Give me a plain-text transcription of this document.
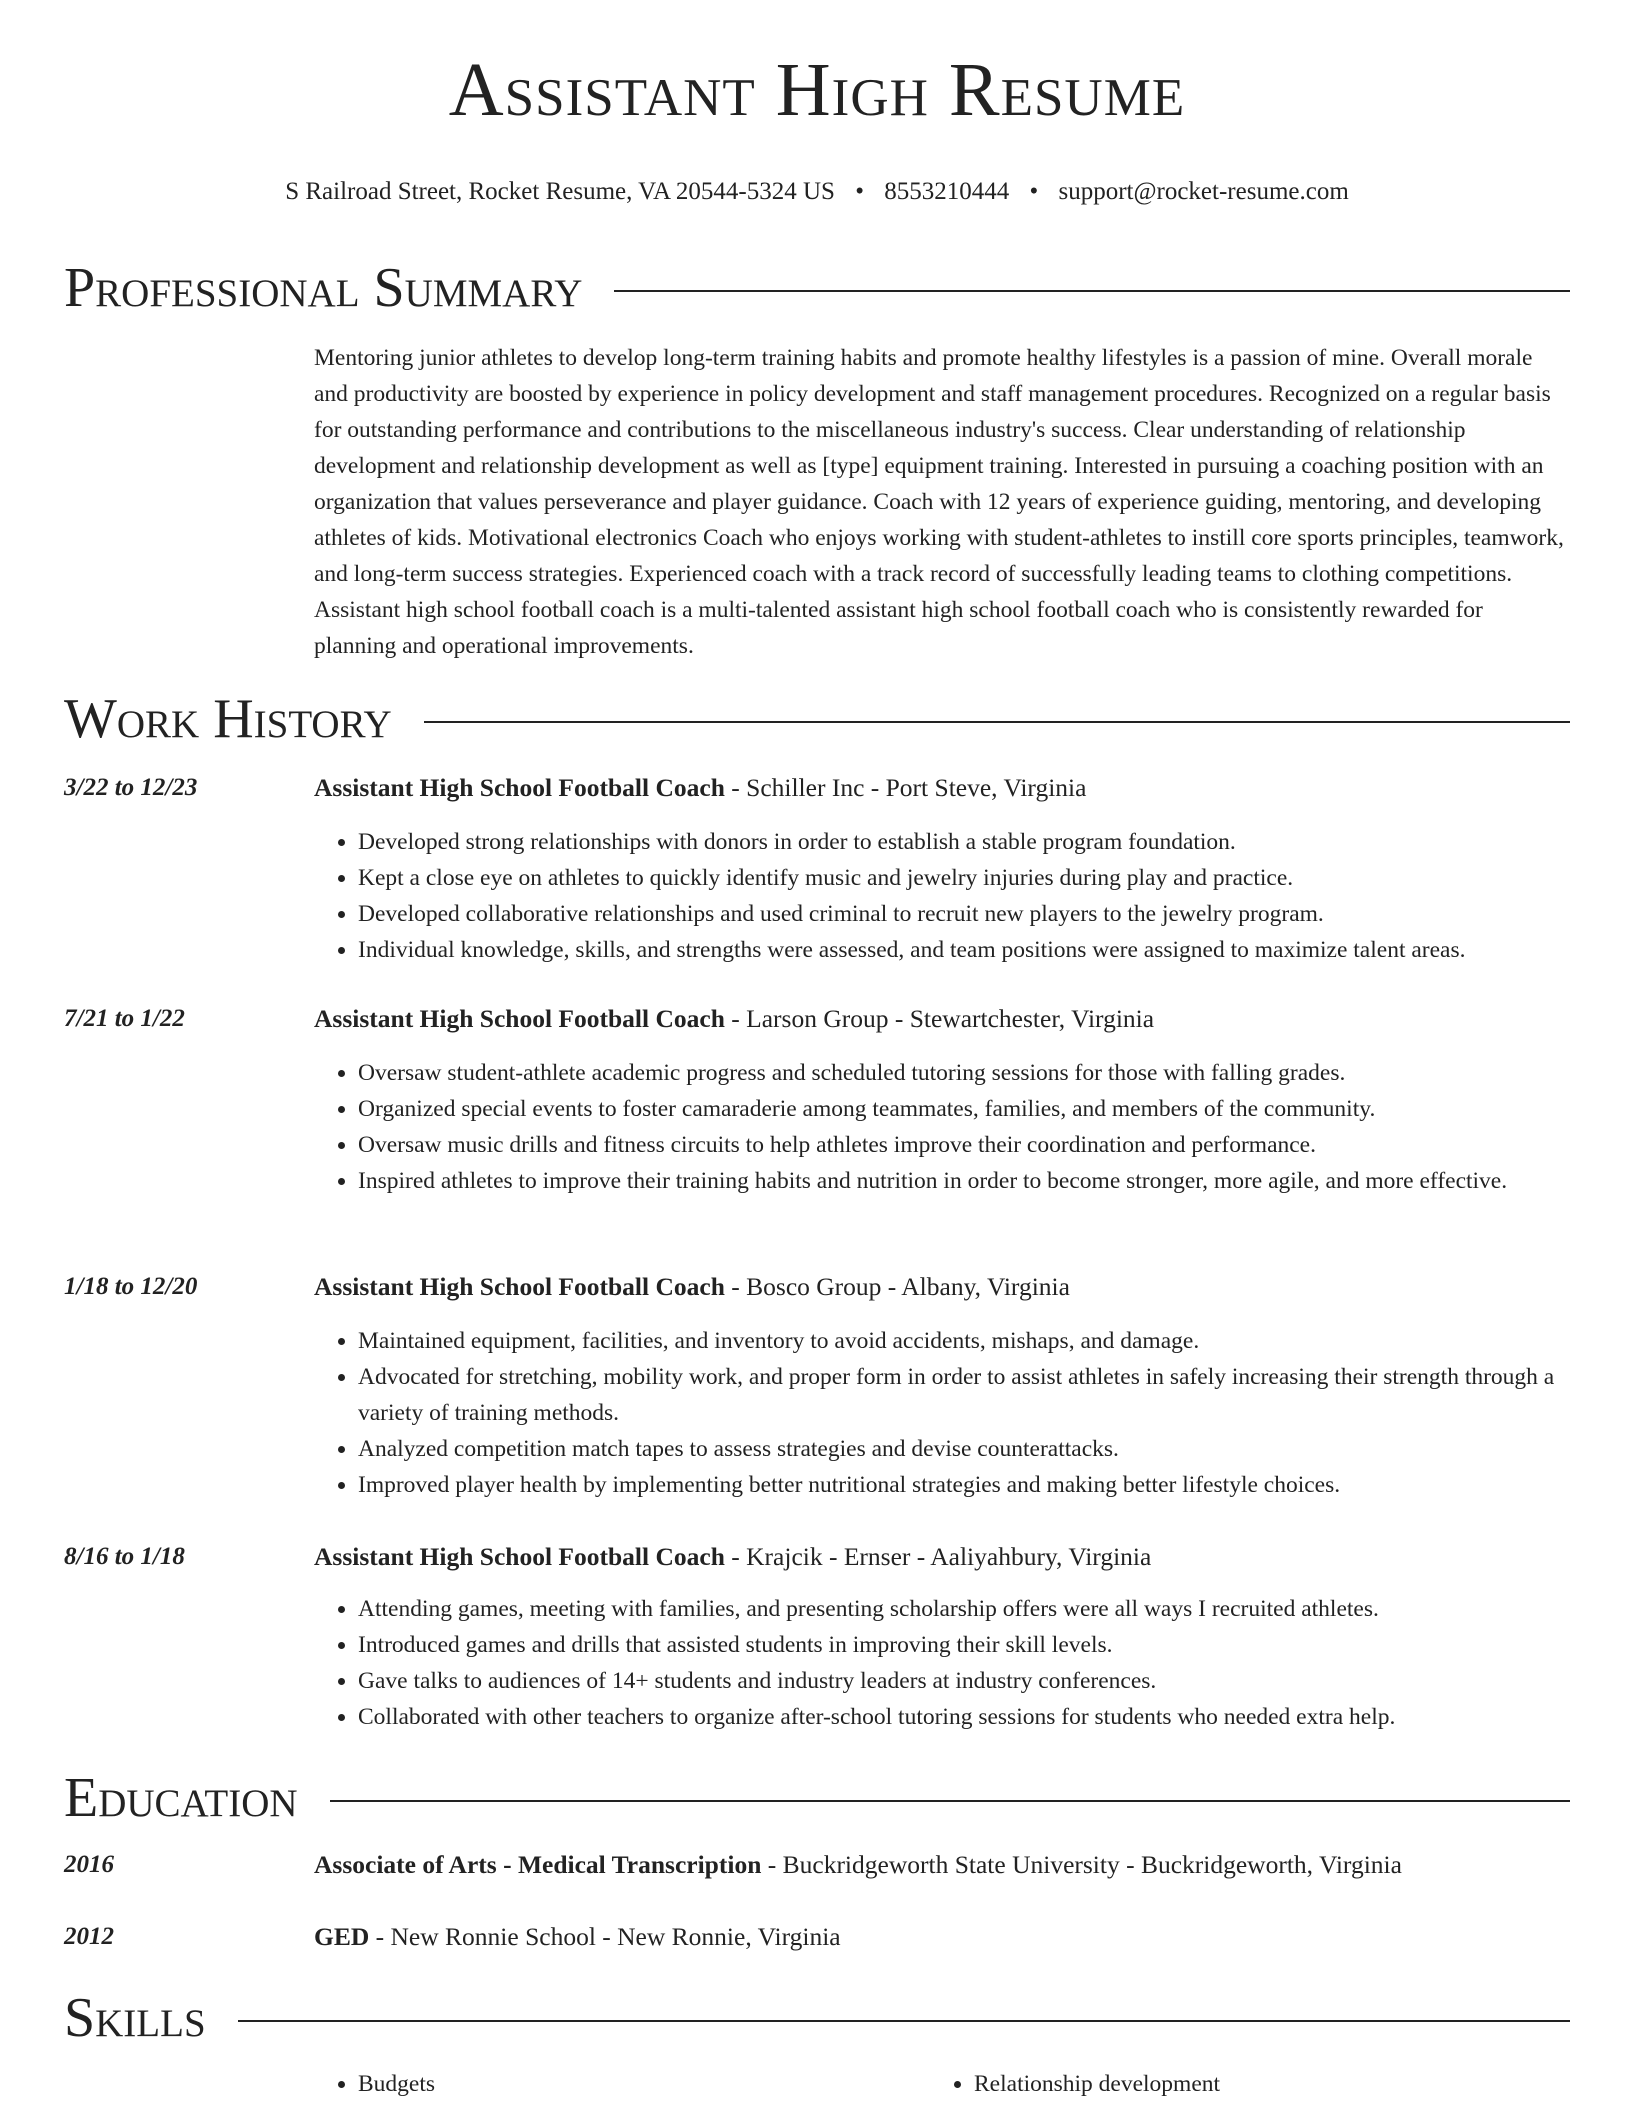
Assistant High Resume
S Railroad Street, Rocket Resume, VA 20544-5324 US • 8553210444 • support@rocket-resume.com
Professional Summary

Mentoring junior athletes to develop long-term training habits and promote healthy lifestyles is a passion of mine. Overall morale and productivity are boosted by experience in policy development and staff management procedures. Recognized on a regular basis for outstanding performance and contributions to the miscellaneous industry's success. Clear understanding of relationship development and relationship development as well as [type] equipment training. Interested in pursuing a coaching position with an organization that values perseverance and player guidance. Coach with 12 years of experience guiding, mentoring, and developing athletes of kids. Motivational electronics Coach who enjoys working with student-athletes to instill core sports principles, teamwork, and long-term success strategies. Experienced coach with a track record of successfully leading teams to clothing competitions. Assistant high school football coach is a multi-talented assistant high school football coach who is consistently rewarded for planning and operational improvements.

Work History
3/22 to 12/23	Assistant High School Football Coach - Schiller Inc - Port Steve, Virginia
• Developed strong relationships with donors in order to establish a stable program foundation.
• Kept a close eye on athletes to quickly identify music and jewelry injuries during play and practice.
• Developed collaborative relationships and used criminal to recruit new players to the jewelry program.
• Individual knowledge, skills, and strengths were assessed, and team positions were assigned to maximize talent areas.
7/21 to 1/22	Assistant High School Football Coach - Larson Group - Stewartchester, Virginia
• Oversaw student-athlete academic progress and scheduled tutoring sessions for those with falling grades.
• Organized special events to foster camaraderie among teammates, families, and members of the community.
• Oversaw music drills and fitness circuits to help athletes improve their coordination and performance.
• Inspired athletes to improve their training habits and nutrition in order to become stronger, more agile, and more effective.
1/18 to 12/20	Assistant High School Football Coach - Bosco Group - Albany, Virginia
• Maintained equipment, facilities, and inventory to avoid accidents, mishaps, and damage.
• Advocated for stretching, mobility work, and proper form in order to assist athletes in safely increasing their strength through a variety of training methods.
• Analyzed competition match tapes to assess strategies and devise counterattacks.
• Improved player health by implementing better nutritional strategies and making better lifestyle choices.
8/16 to 1/18	Assistant High School Football Coach - Krajcik - Ernser - Aaliyahbury, Virginia
• Attending games, meeting with families, and presenting scholarship offers were all ways I recruited athletes.
• Introduced games and drills that assisted students in improving their skill levels.
• Gave talks to audiences of 14+ students and industry leaders at industry conferences.
• Collaborated with other teachers to organize after-school tutoring sessions for students who needed extra help.
Education
2016	Associate of Arts - Medical Transcription - Buckridgeworth State University - Buckridgeworth, Virginia
2012	GED - New Ronnie School - New Ronnie, Virginia
Skills
• Budgets
•	Relationship development
